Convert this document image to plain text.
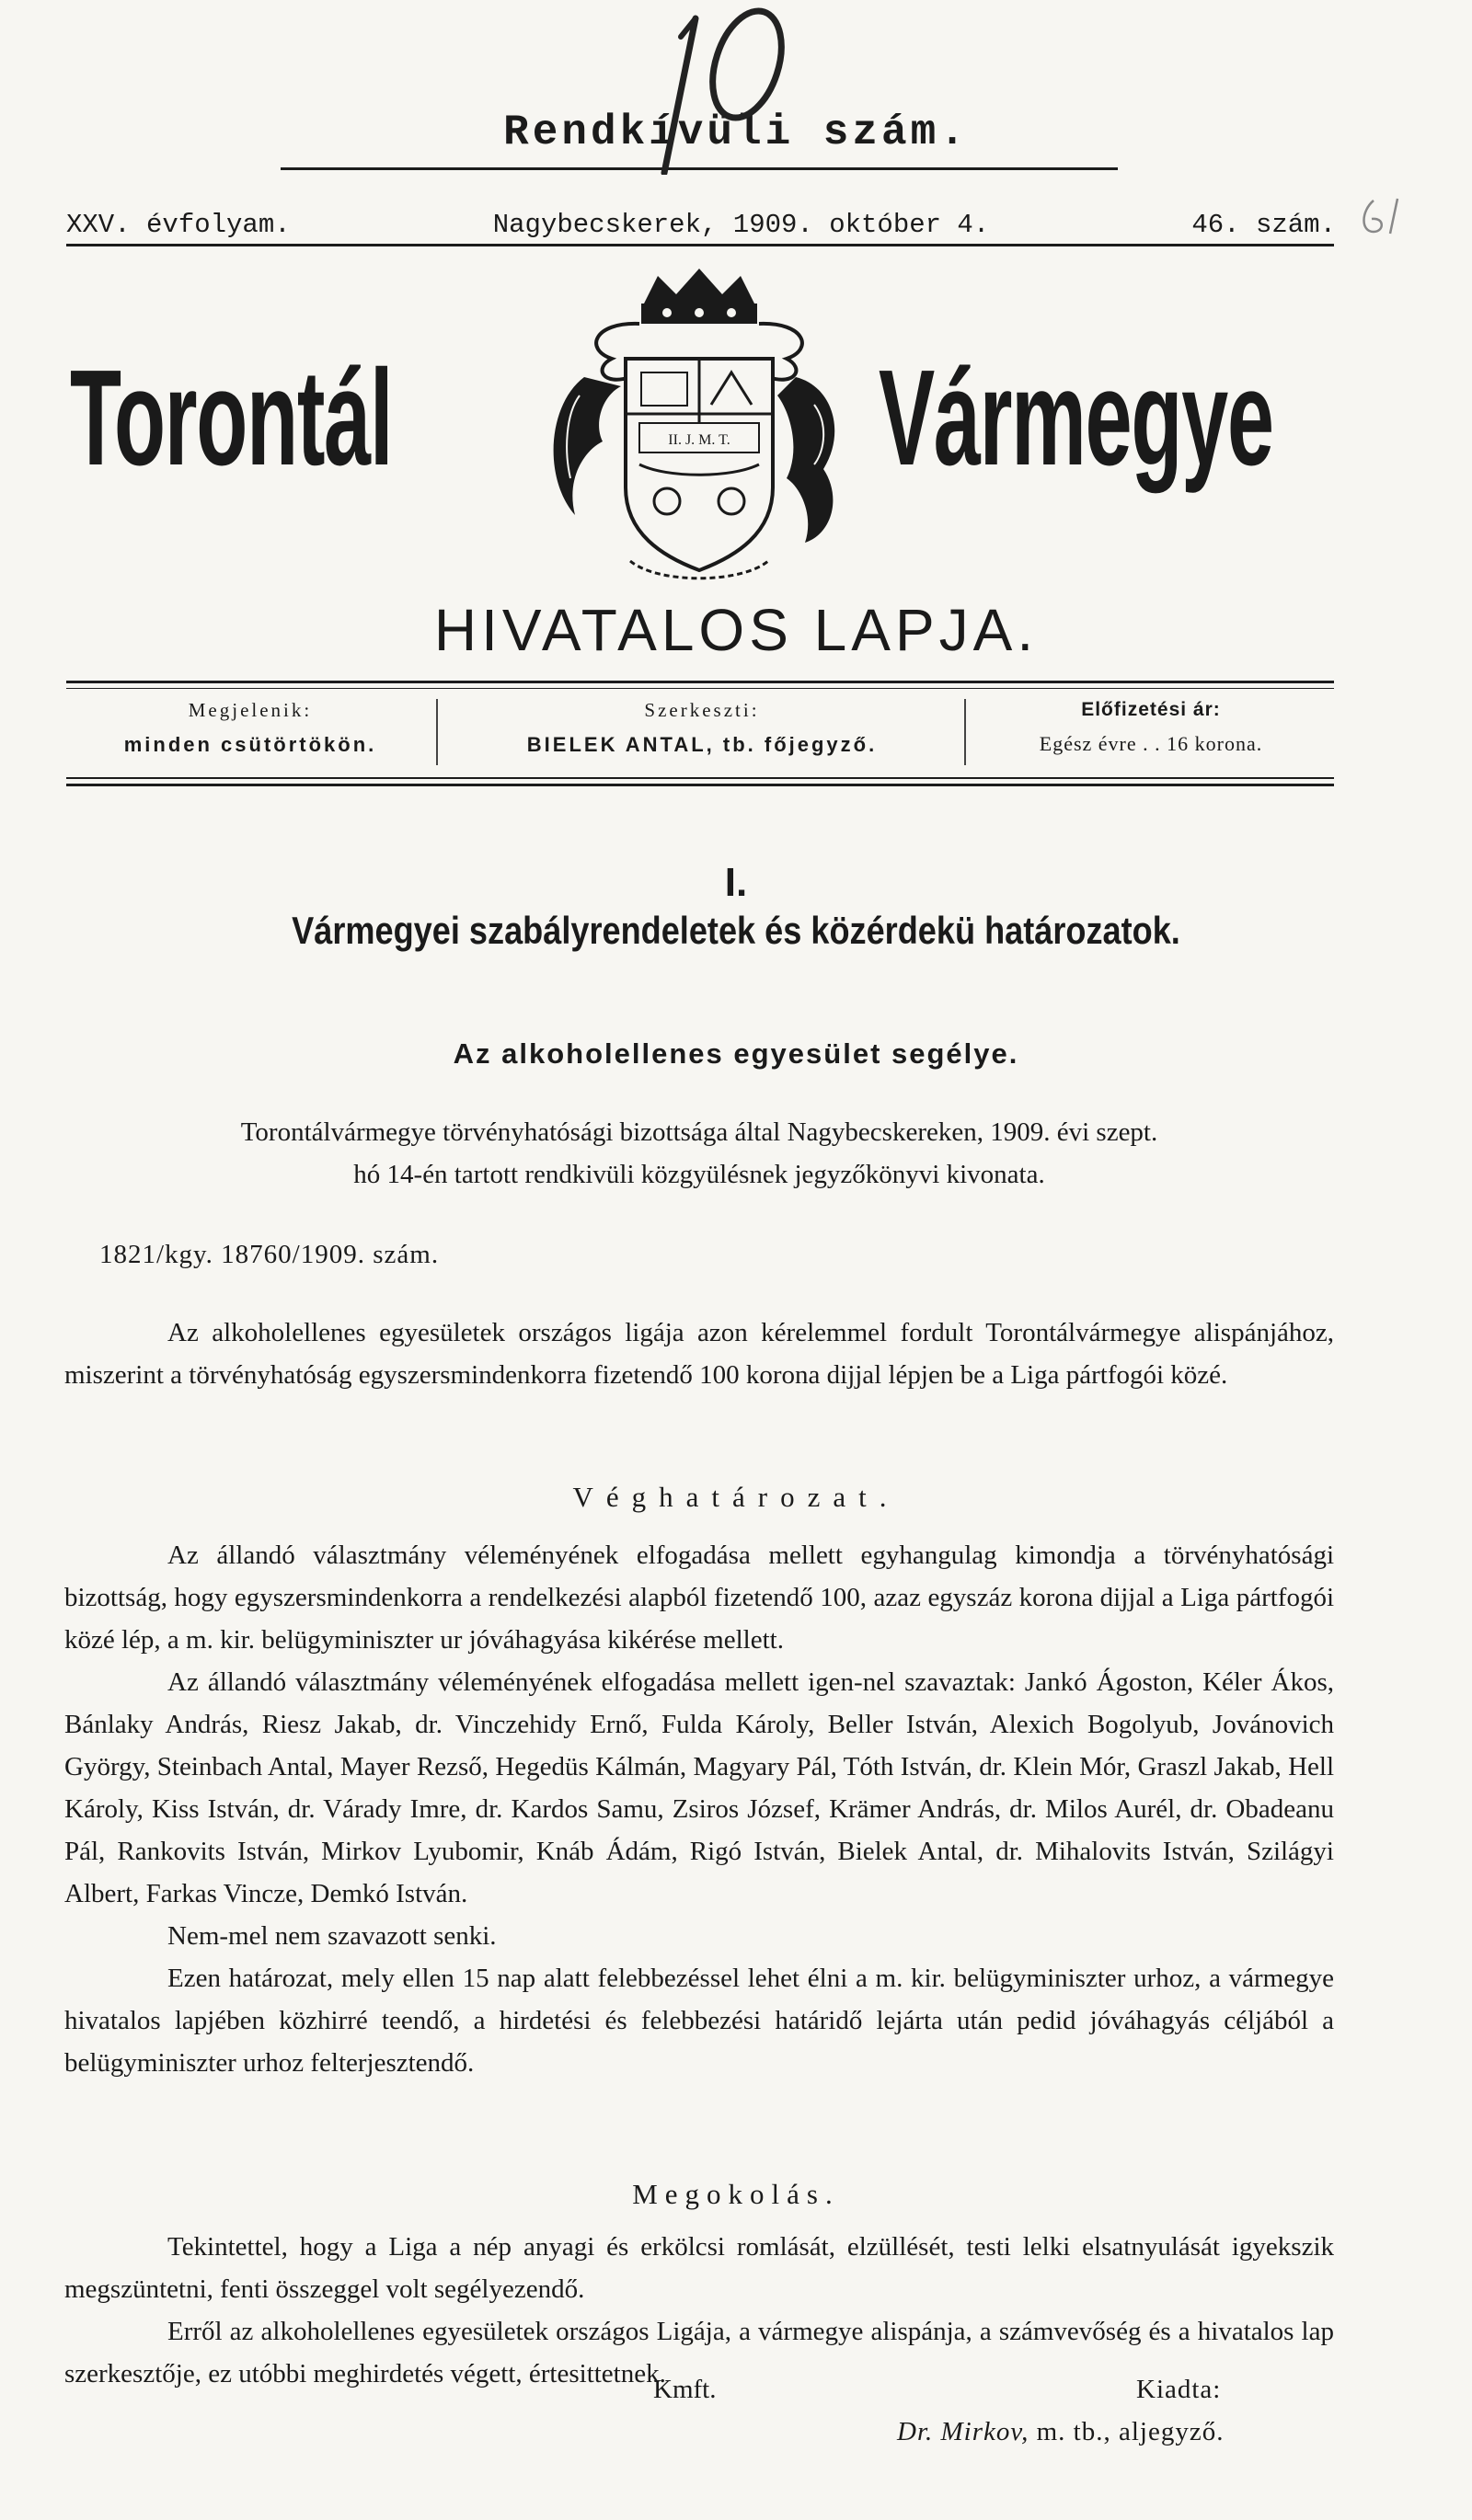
Rendkívüli szám.
XXV. évfolyam.	Nagybecskerek, 1909. október 4.	46. szám.
Torontál	Vármegye
II. J. M. T.
HIVATALOS LAPJA.
Megjelenik:
minden csütörtökön.
Szerkeszti:
BIELEK ANTAL, tb. főjegyző.
Előfizetési ár:
Egész évre . . 16 korona.
I.
Vármegyei szabályrendeletek és közérdekü határozatok.
Az alkoholellenes egyesület segélye.
Torontálvármegye törvényhatósági bizottsága által Nagybecskereken, 1909. évi szept.
hó 14-én tartott rendkivüli közgyülésnek jegyzőkönyvi kivonata.
1821/kgy. 18760/1909. szám.
Az alkoholellenes egyesületek országos ligája azon kérelemmel fordult Torontálvármegye alispánjához, miszerint a törvényhatóság egyszersmindenkorra fizetendő 100 korona dijjal lépjen be a Liga pártfogói közé.
Véghatározat.

Az állandó választmány véleményének elfogadása mellett egyhangulag kimondja a törvényhatósági bizottság, hogy egyszersmindenkorra a rendelkezési alapból fizetendő 100, azaz egyszáz korona dijjal a Liga pártfogói közé lép, a m. kir. belügyminiszter ur jóváhagyása kikérése mellett.

Az állandó választmány véleményének elfogadása mellett igen-nel szavaztak: Jankó Ágoston, Kéler Ákos, Bánlaky András, Riesz Jakab, dr. Vinczehidy Ernő, Fulda Károly, Beller István, Alexich Bogolyub, Jovánovich György, Steinbach Antal, Mayer Rezső, Hegedüs Kálmán, Magyary Pál, Tóth István, dr. Klein Mór, Graszl Jakab, Hell Károly, Kiss István, dr. Várady Imre, dr. Kardos Samu, Zsiros József, Krämer András, dr. Milos Aurél, dr. Obadeanu Pál, Rankovits István, Mirkov Lyubomir, Knáb Ádám, Rigó István, Bielek Antal, dr. Mihalovits István, Szilágyi Albert, Farkas Vincze, Demkó István.

Nem-mel nem szavazott senki.

Ezen határozat, mely ellen 15 nap alatt felebbezéssel lehet élni a m. kir. belügyminiszter urhoz, a vármegye hivatalos lapjében közhirré teendő, a hirdetési és felebbezési határidő lejárta után pedid jóváhagyás céljából a belügyminiszter urhoz felterjesztendő.

Megokolás.

Tekintettel, hogy a Liga a nép anyagi és erkölcsi romlását, elzüllését, testi lelki elsatnyulását igyekszik megszüntetni, fenti összeggel volt segélyezendő.

Erről az alkoholellenes egyesületek országos Ligája, a vármegye alispánja, a számvevőség és a hivatalos lap szerkesztője, ez utóbbi meghirdetés végett, értesittetnek.

Kmft.	Kiadta:
Dr. Mirkov, m. tb., aljegyző.
